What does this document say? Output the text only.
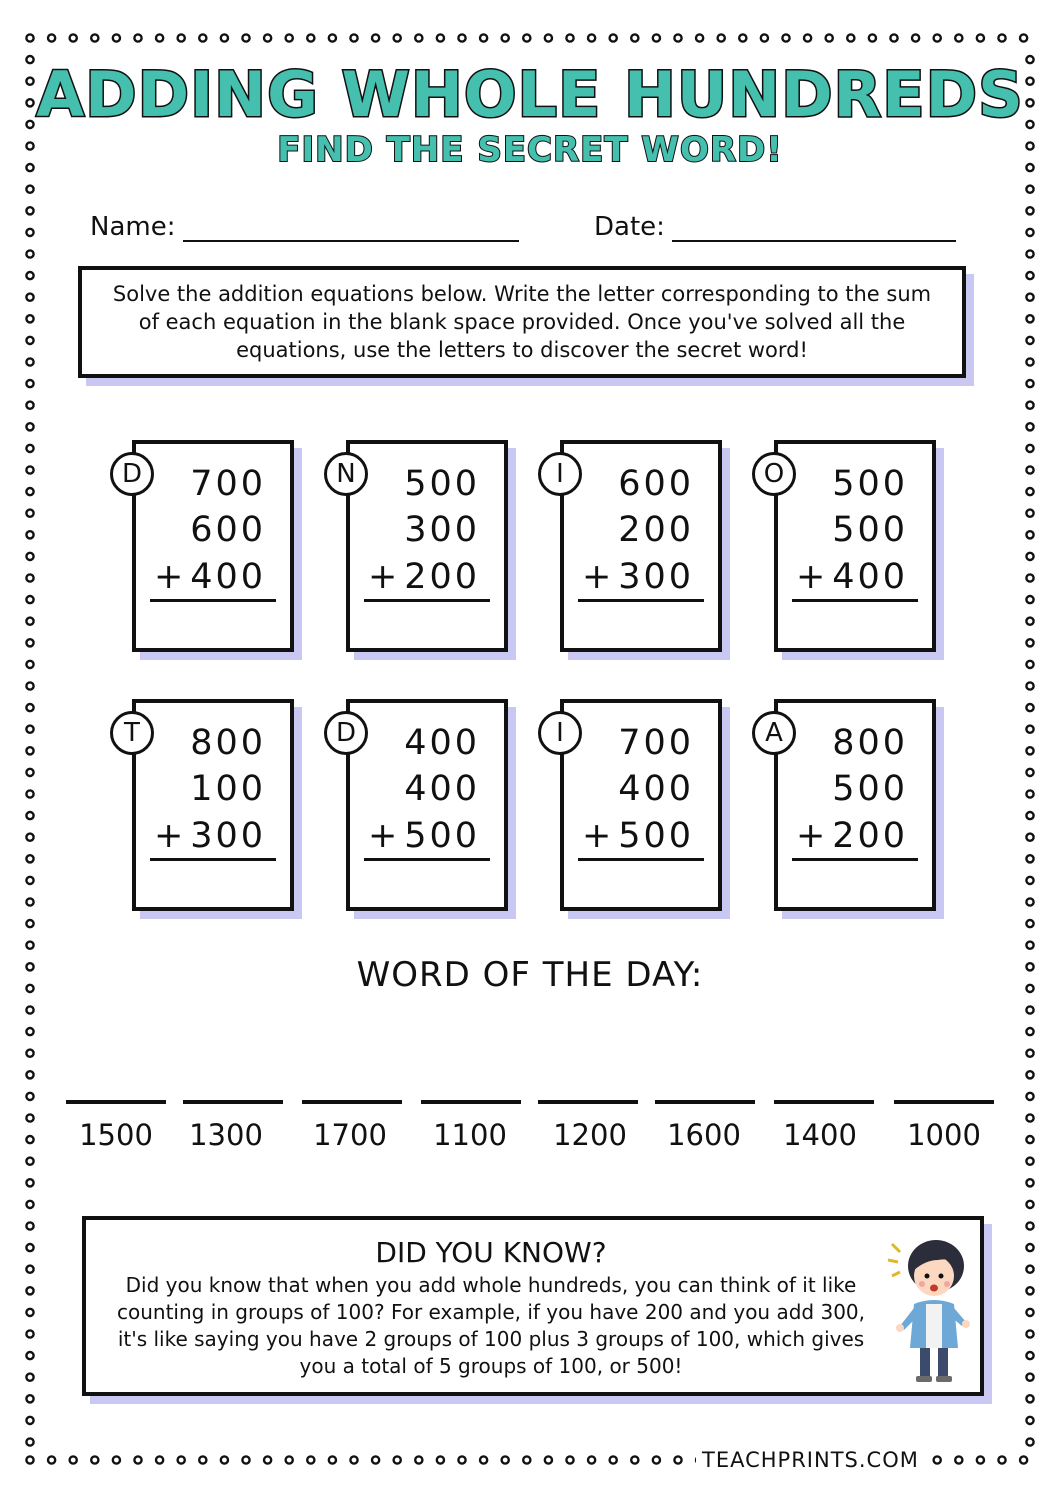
ADDING WHOLE HUNDREDS
FIND THE SECRET WORD!
Name:	Date:
Solve the addition equations below. Write the letter corresponding to the sum of each equation in the blank space provided. Once you've solved all the equations, use the letters to discover the secret word!
D	700
600
+ 400
N	500
300
+ 200
I	600
200
+ 300
O	500
500
+ 400
T	800
100
+ 300
D	400
400
+ 500
I	700
400
+ 500
A	800
500
+ 200
WORD OF THE DAY:
1500	1300	1700	1100	1200	1600	1400	1000
DID YOU KNOW?
Did you know that when you add whole hundreds, you can think of it like counting in groups of 100? For example, if you have 200 and you add 300, it's like saying you have 2 groups of 100 plus 3 groups of 100, which gives you a total of 5 groups of 100, or 500!
TEACHPRINTS.COM
